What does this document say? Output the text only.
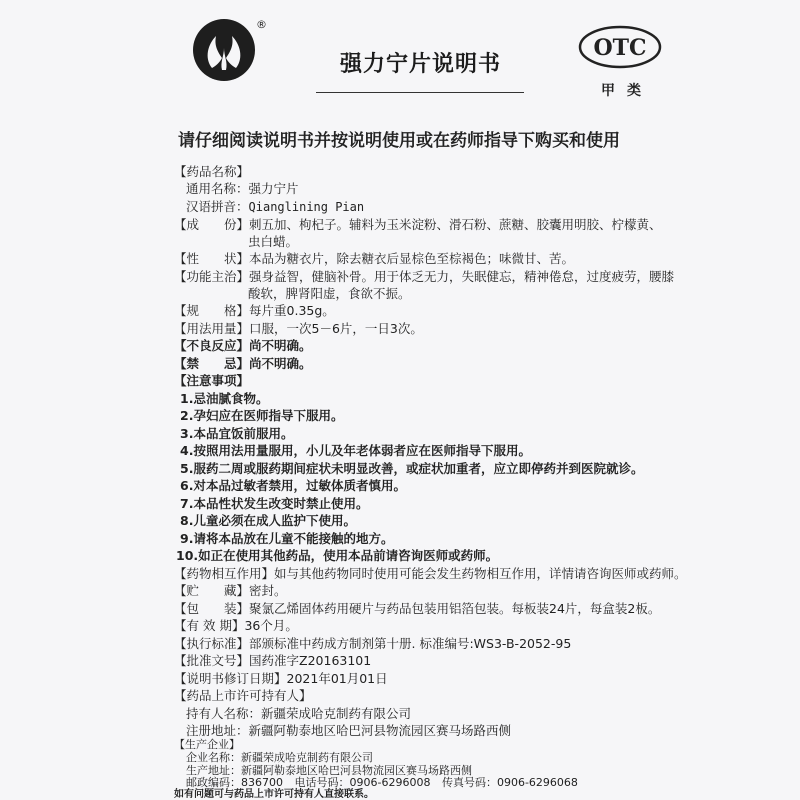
®
强力宁片说明书
OTC
甲类
请仔细阅读说明书并按说明使用或在药师指导下购买和使用
【药品名称】
通用名称：强力宁片
汉语拼音：Qianglining Pian
【成　　份】刺五加、枸杞子。辅料为玉米淀粉、滑石粉、蔗糖、胶囊用明胶、柠檬黄、
虫白蜡。
【性　　状】本品为糖衣片，除去糖衣后显棕色至棕褐色；味微甘、苦。
【功能主治】强身益智，健脑补骨。用于体乏无力，失眠健忘，精神倦怠，过度疲劳，腰膝
酸软，脾肾阳虚，食欲不振。
【规　　格】每片重0.35g。
【用法用量】口服，一次5－6片，一日3次。
【不良反应】尚不明确。
【禁　　忌】尚不明确。
【注意事项】
1.忌油腻食物。
2.孕妇应在医师指导下服用。
3.本品宜饭前服用。
4.按照用法用量服用，小儿及年老体弱者应在医师指导下服用。
5.服药二周或服药期间症状未明显改善，或症状加重者，应立即停药并到医院就诊。
6.对本品过敏者禁用，过敏体质者慎用。
7.本品性状发生改变时禁止使用。
8.儿童必须在成人监护下使用。
9.请将本品放在儿童不能接触的地方。
10.如正在使用其他药品，使用本品前请咨询医师或药师。
【药物相互作用】如与其他药物同时使用可能会发生药物相互作用，详情请咨询医师或药师。
【贮　　藏】密封。
【包　　装】聚氯乙烯固体药用硬片与药品包装用铝箔包装。每板装24片，每盒装2板。
【有 效 期】36个月。
【执行标准】部颁标准中药成方制剂第十册. 标准编号:WS3-B-2052-95
【批准文号】国药准字Z20163101
【说明书修订日期】2021年01月01日
【药品上市许可持有人】
持有人名称：新疆荣成哈克制药有限公司
注册地址：新疆阿勒泰地区哈巴河县物流园区赛马场路西侧
【生产企业】
企业名称：新疆荣成哈克制药有限公司
生产地址：新疆阿勒泰地区哈巴河县物流园区赛马场路西侧
邮政编码：836700 电话号码：0906-6296008 传真号码：0906-6296068
如有问题可与药品上市许可持有人直接联系。
